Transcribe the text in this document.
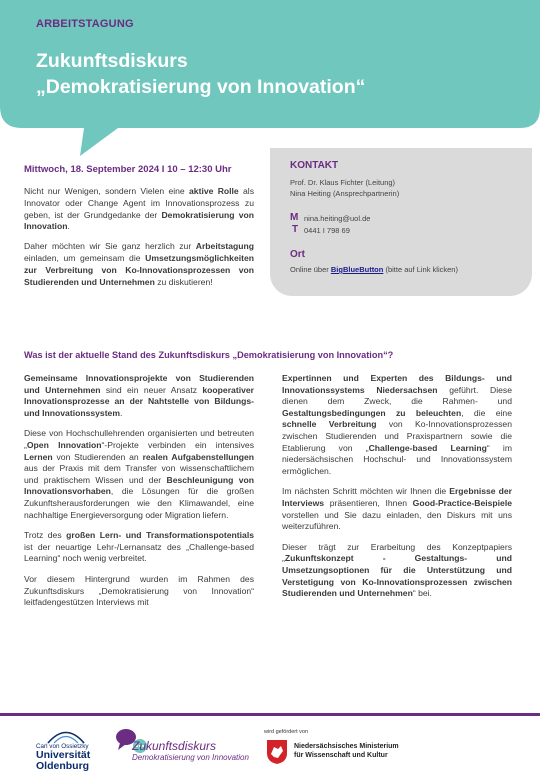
ARBEITSTAGUNG
Zukunftsdiskurs
„Demokratisierung von Innovation“
Mittwoch, 18. September 2024 I 10 – 12:30 Uhr	KONTAKT
Prof. Dr. Klaus Fichter (Leitung)
Nina Heiting (Ansprechpartnerin)
M nina.heiting@uol.de
T 0441 I 798 69
Ort
Online über BigBlueButton (bitte auf Link klicken)

Nicht nur Wenigen, sondern Vielen eine aktive Rolle als Innovator oder Change Agent im Innovationsprozess zu geben, ist der Grundgedanke der Demokratisierung von Innovation.

Daher möchten wir Sie ganz herzlich zur Arbeitstagung einladen, um gemeinsam die Umsetzungsmöglichkeiten zur Verbreitung von Ko-Innovationsprozessen von Studierenden und Unternehmen zu diskutieren!

Was ist der aktuelle Stand des Zukunftsdiskurs „Demokratisierung von Innovation“?

Gemeinsame Innovationsprojekte von Studierenden und Unternehmen sind ein neuer Ansatz kooperativer Innovationsprozesse an der Nahtstelle von Bildungs- und Innovationssystem.

Diese von Hochschullehrenden organisierten und betreuten „Open Innovation“-Projekte verbinden ein intensives Lernen von Studierenden an realen Aufgabenstellungen aus der Praxis mit dem Transfer von wissenschaftlichem und praktischem Wissen und der Beschleunigung von Innovationsvorhaben, die Lösungen für die großen Zukunftsherausforderungen wie den Klimawandel, eine nachhaltige Energieversorgung oder Migration liefern.

Trotz des großen Lern- und Transformationspotentials ist der neuartige Lehr-/Lernansatz des „Challenge-based Learning“ noch wenig verbreitet.

Vor diesem Hintergrund wurden im Rahmen des Zukunftsdiskurs „Demokratisierung von Innovation“ leitfadengestützen Interviews mit

Expertinnen und Experten des Bildungs- und Innovationssystems Niedersachsen geführt. Diese dienen dem Zweck, die Rahmen- und Gestaltungsbedingungen zu beleuchten, die eine schnelle Verbreitung von Ko-Innovationsprozessen zwischen Studierenden und Praxispartnern sowie die Etablierung von „Challenge-based Learning“ im niedersächsischen Hochschul- und Innovationssystem ermöglichen.

Im nächsten Schritt möchten wir Ihnen die Ergebnisse der Interviews präsentieren, Ihnen Good-Practice-Beispiele vorstellen und Sie dazu einladen, den Diskurs mit uns weiterzuführen.

Dieser trägt zur Erarbeitung des Konzeptpapiers „Zukunftskonzept - Gestaltungs- und Umsetzungsoptionen für die Unterstützung und Verstetigung von Ko-Innovationsprozessen zwischen Studierenden und Unternehmen“ bei.

Carl von Ossietzky
Universität
Oldenburg
Zukunftsdiskurs
Demokratisierung von Innovation
wird gefördert von
Niedersächsisches Ministerium
für Wissenschaft und Kultur
